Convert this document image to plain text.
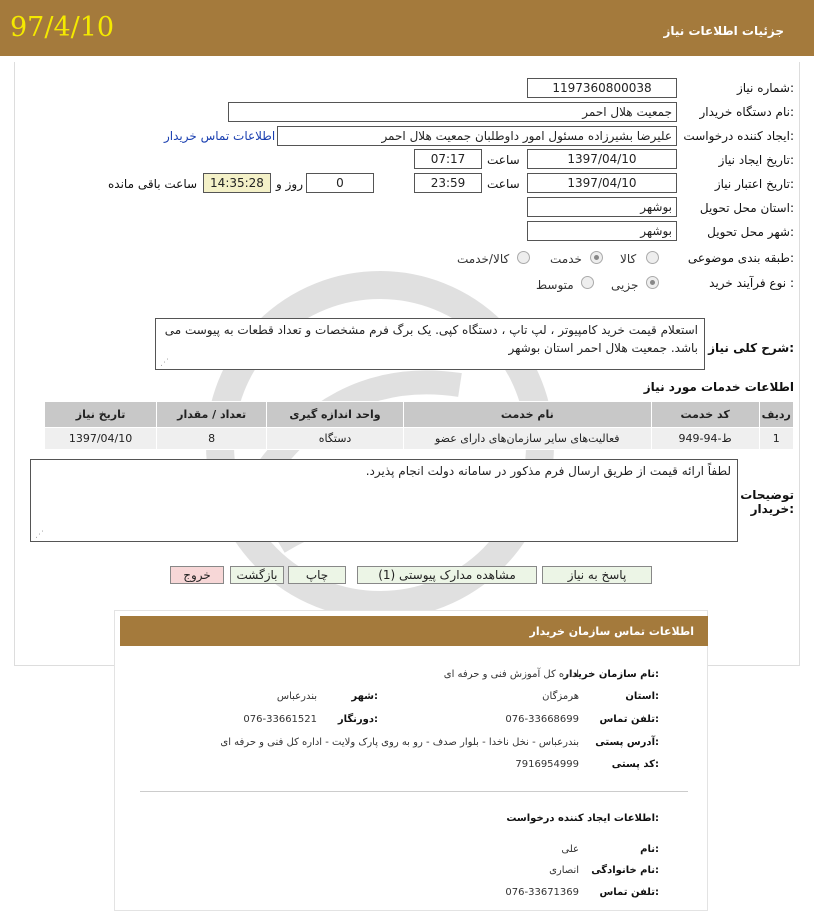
97/4/10	جزئیات اطلاعات نیاز
شماره نیاز:
1197360800038
نام دستگاه خریدار:
جمعیت هلال احمر
ایجاد کننده درخواست:
علیرضا بشیرزاده مسئول امور داوطلبان جمعیت هلال احمر
اطلاعات تماس خریدار
تاریخ ایجاد نیاز:
1397/04/10
ساعت
07:17
تاریخ اعتبار نیاز:
1397/04/10
ساعت
23:59
0
روز و
14:35:28
ساعت باقی مانده
استان محل تحویل:
بوشهر
شهر محل تحویل:
بوشهر
طبقه بندی موضوعی:
کالا
خدمت
کالا/خدمت
نوع فرآیند خرید :
جزیی
متوسط
شرح کلی نیاز:
استعلام قیمت خرید کامپیوتر ، لپ تاپ ، دستگاه کپی. یک برگ فرم مشخصات و تعداد قطعات به پیوست می باشد. جمعیت هلال احمر استان بوشهر
⋰
اطلاعات خدمات مورد نیاز
تاریخ نیاز	تعداد / مقدار	واحد اندازه گیری	نام خدمت	کد خدمت	ردیف
1397/04/10	8	دستگاه	فعالیت‌های سایر سازمان‌های دارای عضو	ط-94-949	1
توضیحات خریدار:
لطفاً ارائه قیمت از طریق ارسال فرم مذکور در سامانه دولت انجام پذیرد.
⋰
پاسخ به نیاز
مشاهده مدارک پیوستی (1)
چاپ
بازگشت
خروج
اطلاعات تماس سازمان خریدار
نام سازمان خریدار:
اداره کل آموزش فنی و حرفه ای
استان:
هرمزگان
شهر:
بندرعباس
تلفن تماس:
076-33668699
دورنگار:
076-33661521
آدرس پستی:
بندرعباس - نخل ناخدا - بلوار صدف - رو به روی پارک ولایت - اداره کل فنی و حرفه ای
کد پستی:
7916954999
اطلاعات ایجاد کننده درخواست:
نام:
علی
نام خانوادگی:
انصاری
تلفن تماس:
076-33671369
